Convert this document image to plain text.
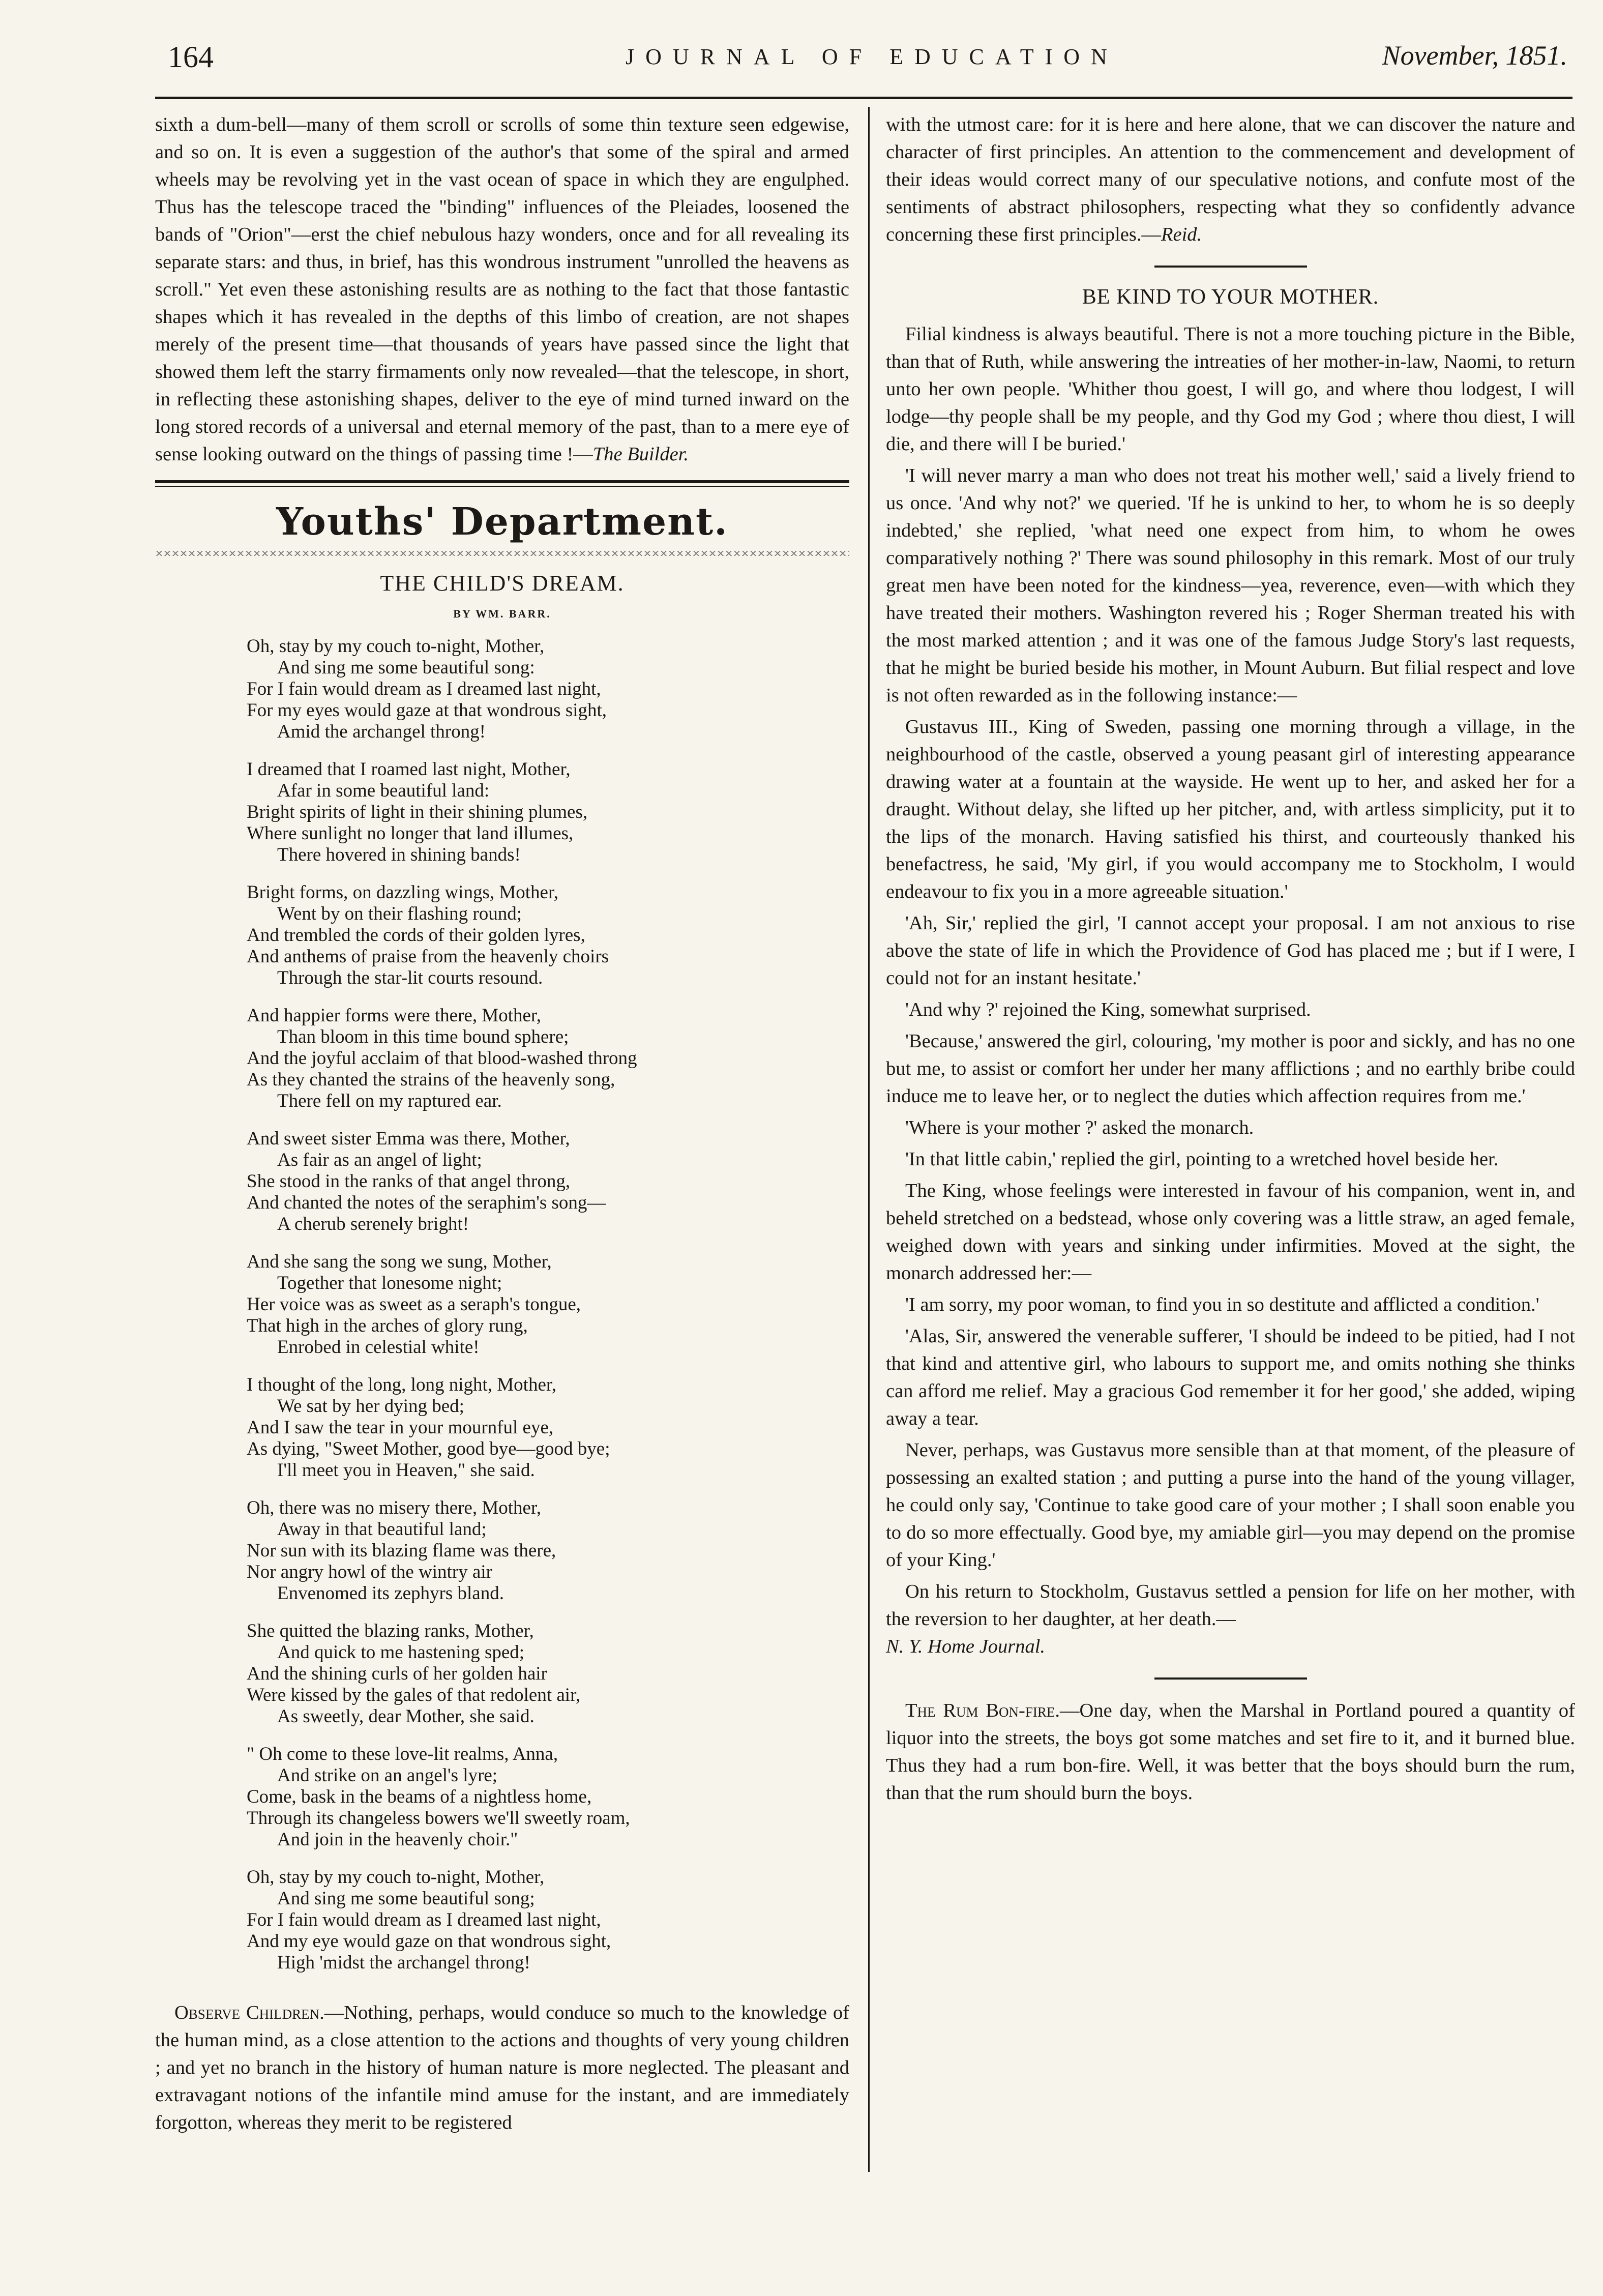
164	JOURNAL OF EDUCATION	November, 1851.

sixth a dum-bell—many of them scroll or scrolls of some thin texture seen edgewise, and so on. It is even a suggestion of the author's that some of the spiral and armed wheels may be revolving yet in the vast ocean of space in which they are engulphed. Thus has the telescope traced the "binding" influences of the Pleiades, loosened the bands of "Orion"—erst the chief nebulous hazy wonders, once and for all revealing its separate stars: and thus, in brief, has this wondrous instrument "unrolled the heavens as scroll." Yet even these astonishing results are as nothing to the fact that those fantastic shapes which it has revealed in the depths of this limbo of creation, are not shapes merely of the present time—that thousands of years have passed since the light that showed them left the starry firmaments only now revealed—that the telescope, in short, in reflecting these astonishing shapes, deliver to the eye of mind turned inward on the long stored records of a universal and eternal memory of the past, than to a mere eye of sense looking outward on the things of passing time !—The Builder.

Youths' Department.
THE CHILD'S DREAM.
BY WM. BARR.
Oh, stay by my couch to-night, Mother,
And sing me some beautiful song:
For I fain would dream as I dreamed last night,
For my eyes would gaze at that wondrous sight,
Amid the archangel throng!
I dreamed that I roamed last night, Mother,
Afar in some beautiful land:
Bright spirits of light in their shining plumes,
Where sunlight no longer that land illumes,
There hovered in shining bands!
Bright forms, on dazzling wings, Mother,
Went by on their flashing round;
And trembled the cords of their golden lyres,
And anthems of praise from the heavenly choirs
Through the star-lit courts resound.
And happier forms were there, Mother,
Than bloom in this time bound sphere;
And the joyful acclaim of that blood-washed throng
As they chanted the strains of the heavenly song,
There fell on my raptured ear.
And sweet sister Emma was there, Mother,
As fair as an angel of light;
She stood in the ranks of that angel throng,
And chanted the notes of the seraphim's song—
A cherub serenely bright!
And she sang the song we sung, Mother,
Together that lonesome night;
Her voice was as sweet as a seraph's tongue,
That high in the arches of glory rung,
Enrobed in celestial white!
I thought of the long, long night, Mother,
We sat by her dying bed;
And I saw the tear in your mournful eye,
As dying, "Sweet Mother, good bye—good bye;
I'll meet you in Heaven," she said.
Oh, there was no misery there, Mother,
Away in that beautiful land;
Nor sun with its blazing flame was there,
Nor angry howl of the wintry air
Envenomed its zephyrs bland.
She quitted the blazing ranks, Mother,
And quick to me hastening sped;
And the shining curls of her golden hair
Were kissed by the gales of that redolent air,
As sweetly, dear Mother, she said.
" Oh come to these love-lit realms, Anna,
And strike on an angel's lyre;
Come, bask in the beams of a nightless home,
Through its changeless bowers we'll sweetly roam,
And join in the heavenly choir."
Oh, stay by my couch to-night, Mother,
And sing me some beautiful song;
For I fain would dream as I dreamed last night,
And my eye would gaze on that wondrous sight,
High 'midst the archangel throng!

Observe Children.—Nothing, perhaps, would conduce so much to the knowledge of the human mind, as a close attention to the actions and thoughts of very young children ; and yet no branch in the history of human nature is more neglected. The pleasant and extravagant notions of the infantile mind amuse for the instant, and are immediately forgotton, whereas they merit to be registered

with the utmost care: for it is here and here alone, that we can discover the nature and character of first principles. An attention to the commencement and development of their ideas would correct many of our speculative notions, and confute most of the sentiments of abstract philosophers, respecting what they so confidently advance concerning these first principles.—Reid.

BE KIND TO YOUR MOTHER.

Filial kindness is always beautiful. There is not a more touching picture in the Bible, than that of Ruth, while answering the intreaties of her mother-in-law, Naomi, to return unto her own people. 'Whither thou goest, I will go, and where thou lodgest, I will lodge—thy people shall be my people, and thy God my God ; where thou diest, I will die, and there will I be buried.'

'I will never marry a man who does not treat his mother well,' said a lively friend to us once. 'And why not?' we queried. 'If he is unkind to her, to whom he is so deeply indebted,' she replied, 'what need one expect from him, to whom he owes comparatively nothing ?' There was sound philosophy in this remark. Most of our truly great men have been noted for the kindness—yea, reverence, even—with which they have treated their mothers. Washington revered his ; Roger Sherman treated his with the most marked attention ; and it was one of the famous Judge Story's last requests, that he might be buried beside his mother, in Mount Auburn. But filial respect and love is not often rewarded as in the following instance:—

Gustavus III., King of Sweden, passing one morning through a village, in the neighbourhood of the castle, observed a young peasant girl of interesting appearance drawing water at a fountain at the wayside. He went up to her, and asked her for a draught. Without delay, she lifted up her pitcher, and, with artless simplicity, put it to the lips of the monarch. Having satisfied his thirst, and courteously thanked his benefactress, he said, 'My girl, if you would accompany me to Stockholm, I would endeavour to fix you in a more agreeable situation.'

'Ah, Sir,' replied the girl, 'I cannot accept your proposal. I am not anxious to rise above the state of life in which the Providence of God has placed me ; but if I were, I could not for an instant hesitate.'

'And why ?' rejoined the King, somewhat surprised.

'Because,' answered the girl, colouring, 'my mother is poor and sickly, and has no one but me, to assist or comfort her under her many afflictions ; and no earthly bribe could induce me to leave her, or to neglect the duties which affection requires from me.'

'Where is your mother ?' asked the monarch.

'In that little cabin,' replied the girl, pointing to a wretched hovel beside her.

The King, whose feelings were interested in favour of his companion, went in, and beheld stretched on a bedstead, whose only covering was a little straw, an aged female, weighed down with years and sinking under infirmities. Moved at the sight, the monarch addressed her:—

'I am sorry, my poor woman, to find you in so destitute and afflicted a condition.'

'Alas, Sir, answered the venerable sufferer, 'I should be indeed to be pitied, had I not that kind and attentive girl, who labours to support me, and omits nothing she thinks can afford me relief. May a gracious God remember it for her good,' she added, wiping away a tear.

Never, perhaps, was Gustavus more sensible than at that moment, of the pleasure of possessing an exalted station ; and putting a purse into the hand of the young villager, he could only say, 'Continue to take good care of your mother ; I shall soon enable you to do so more effectually. Good bye, my amiable girl—you may depend on the promise of your King.'

On his return to Stockholm, Gustavus settled a pension for life on her mother, with the reversion to her daughter, at her death.—

N. Y. Home Journal.

The Rum Bon-fire.—One day, when the Marshal in Portland poured a quantity of liquor into the streets, the boys got some matches and set fire to it, and it burned blue. Thus they had a rum bon-fire. Well, it was better that the boys should burn the rum, than that the rum should burn the boys.
